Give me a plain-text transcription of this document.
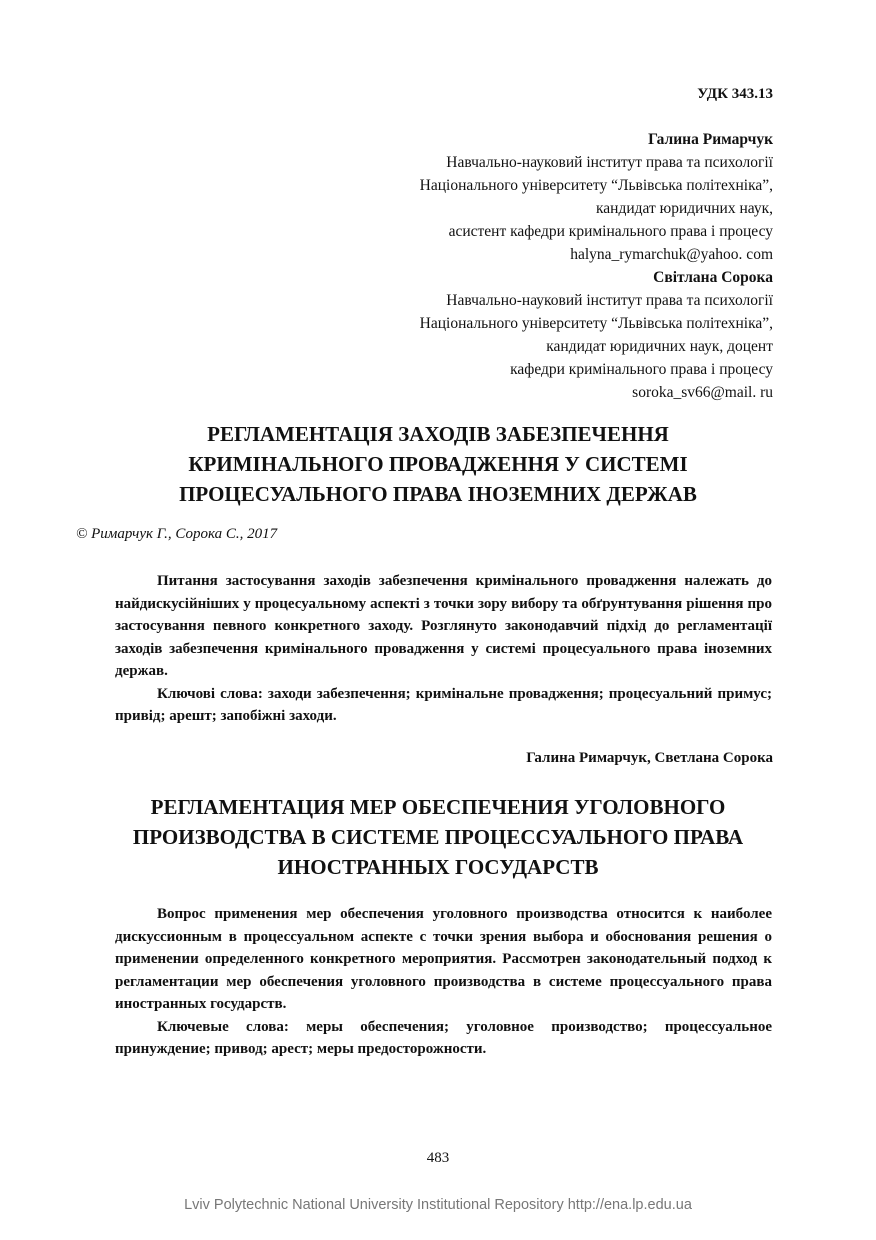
УДК 343.13
Галина Римарчук
Навчально-науковий інститут права та психології
Національного університету “Львівська політехніка”,
кандидат юридичних наук,
асистент кафедри кримінального права і процесу
halyna_rymarchuk@yahoo. com
Світлана Сорока
Навчально-науковий інститут права та психології
Національного університету “Львівська політехніка”,
кандидат юридичних наук, доцент
кафедри кримінального права і процесу
soroka_sv66@mail. ru
РЕГЛАМЕНТАЦІЯ ЗАХОДІВ ЗАБЕЗПЕЧЕННЯ
КРИМІНАЛЬНОГО ПРОВАДЖЕННЯ У СИСТЕМІ
ПРОЦЕСУАЛЬНОГО ПРАВА ІНОЗЕМНИХ ДЕРЖАВ
© Римарчук Г., Сорока С., 2017

Питання застосування заходів забезпечення кримінального провадження належать до найдискусійніших у процесуальному аспекті з точки зору вибору та обґрунтування рішення про застосування певного конкретного заходу. Розглянуто законодавчий підхід до регламентації заходів забезпечення кримінального провадження у системі процесуального права іноземних держав.

Ключові слова: заходи забезпечення; кримінальне провадження; процесуальний примус; привід; арешт; запобіжні заходи.

Галина Римарчук, Светлана Сорока
РЕГЛАМЕНТАЦИЯ МЕР ОБЕСПЕЧЕНИЯ УГОЛОВНОГО
ПРОИЗВОДСТВА В СИСТЕМЕ ПРОЦЕССУАЛЬНОГО ПРАВА
ИНОСТРАННЫХ ГОСУДАРСТВ

Вопрос применения мер обеспечения уголовного производства относится к наиболее дискуссионным в процессуальном аспекте с точки зрения выбора и обоснования решения о применении определенного конкретного мероприятия. Рассмотрен законодательный подход к регламентации мер обеспечения уголовного производства в системе процессуального права иностранных государств.

Ключевые слова: меры обеспечения; уголовное производство; процессуальное принуждение; привод; арест; меры предосторожности.

483
Lviv Polytechnic National University Institutional Repository http://ena.lp.edu.ua
